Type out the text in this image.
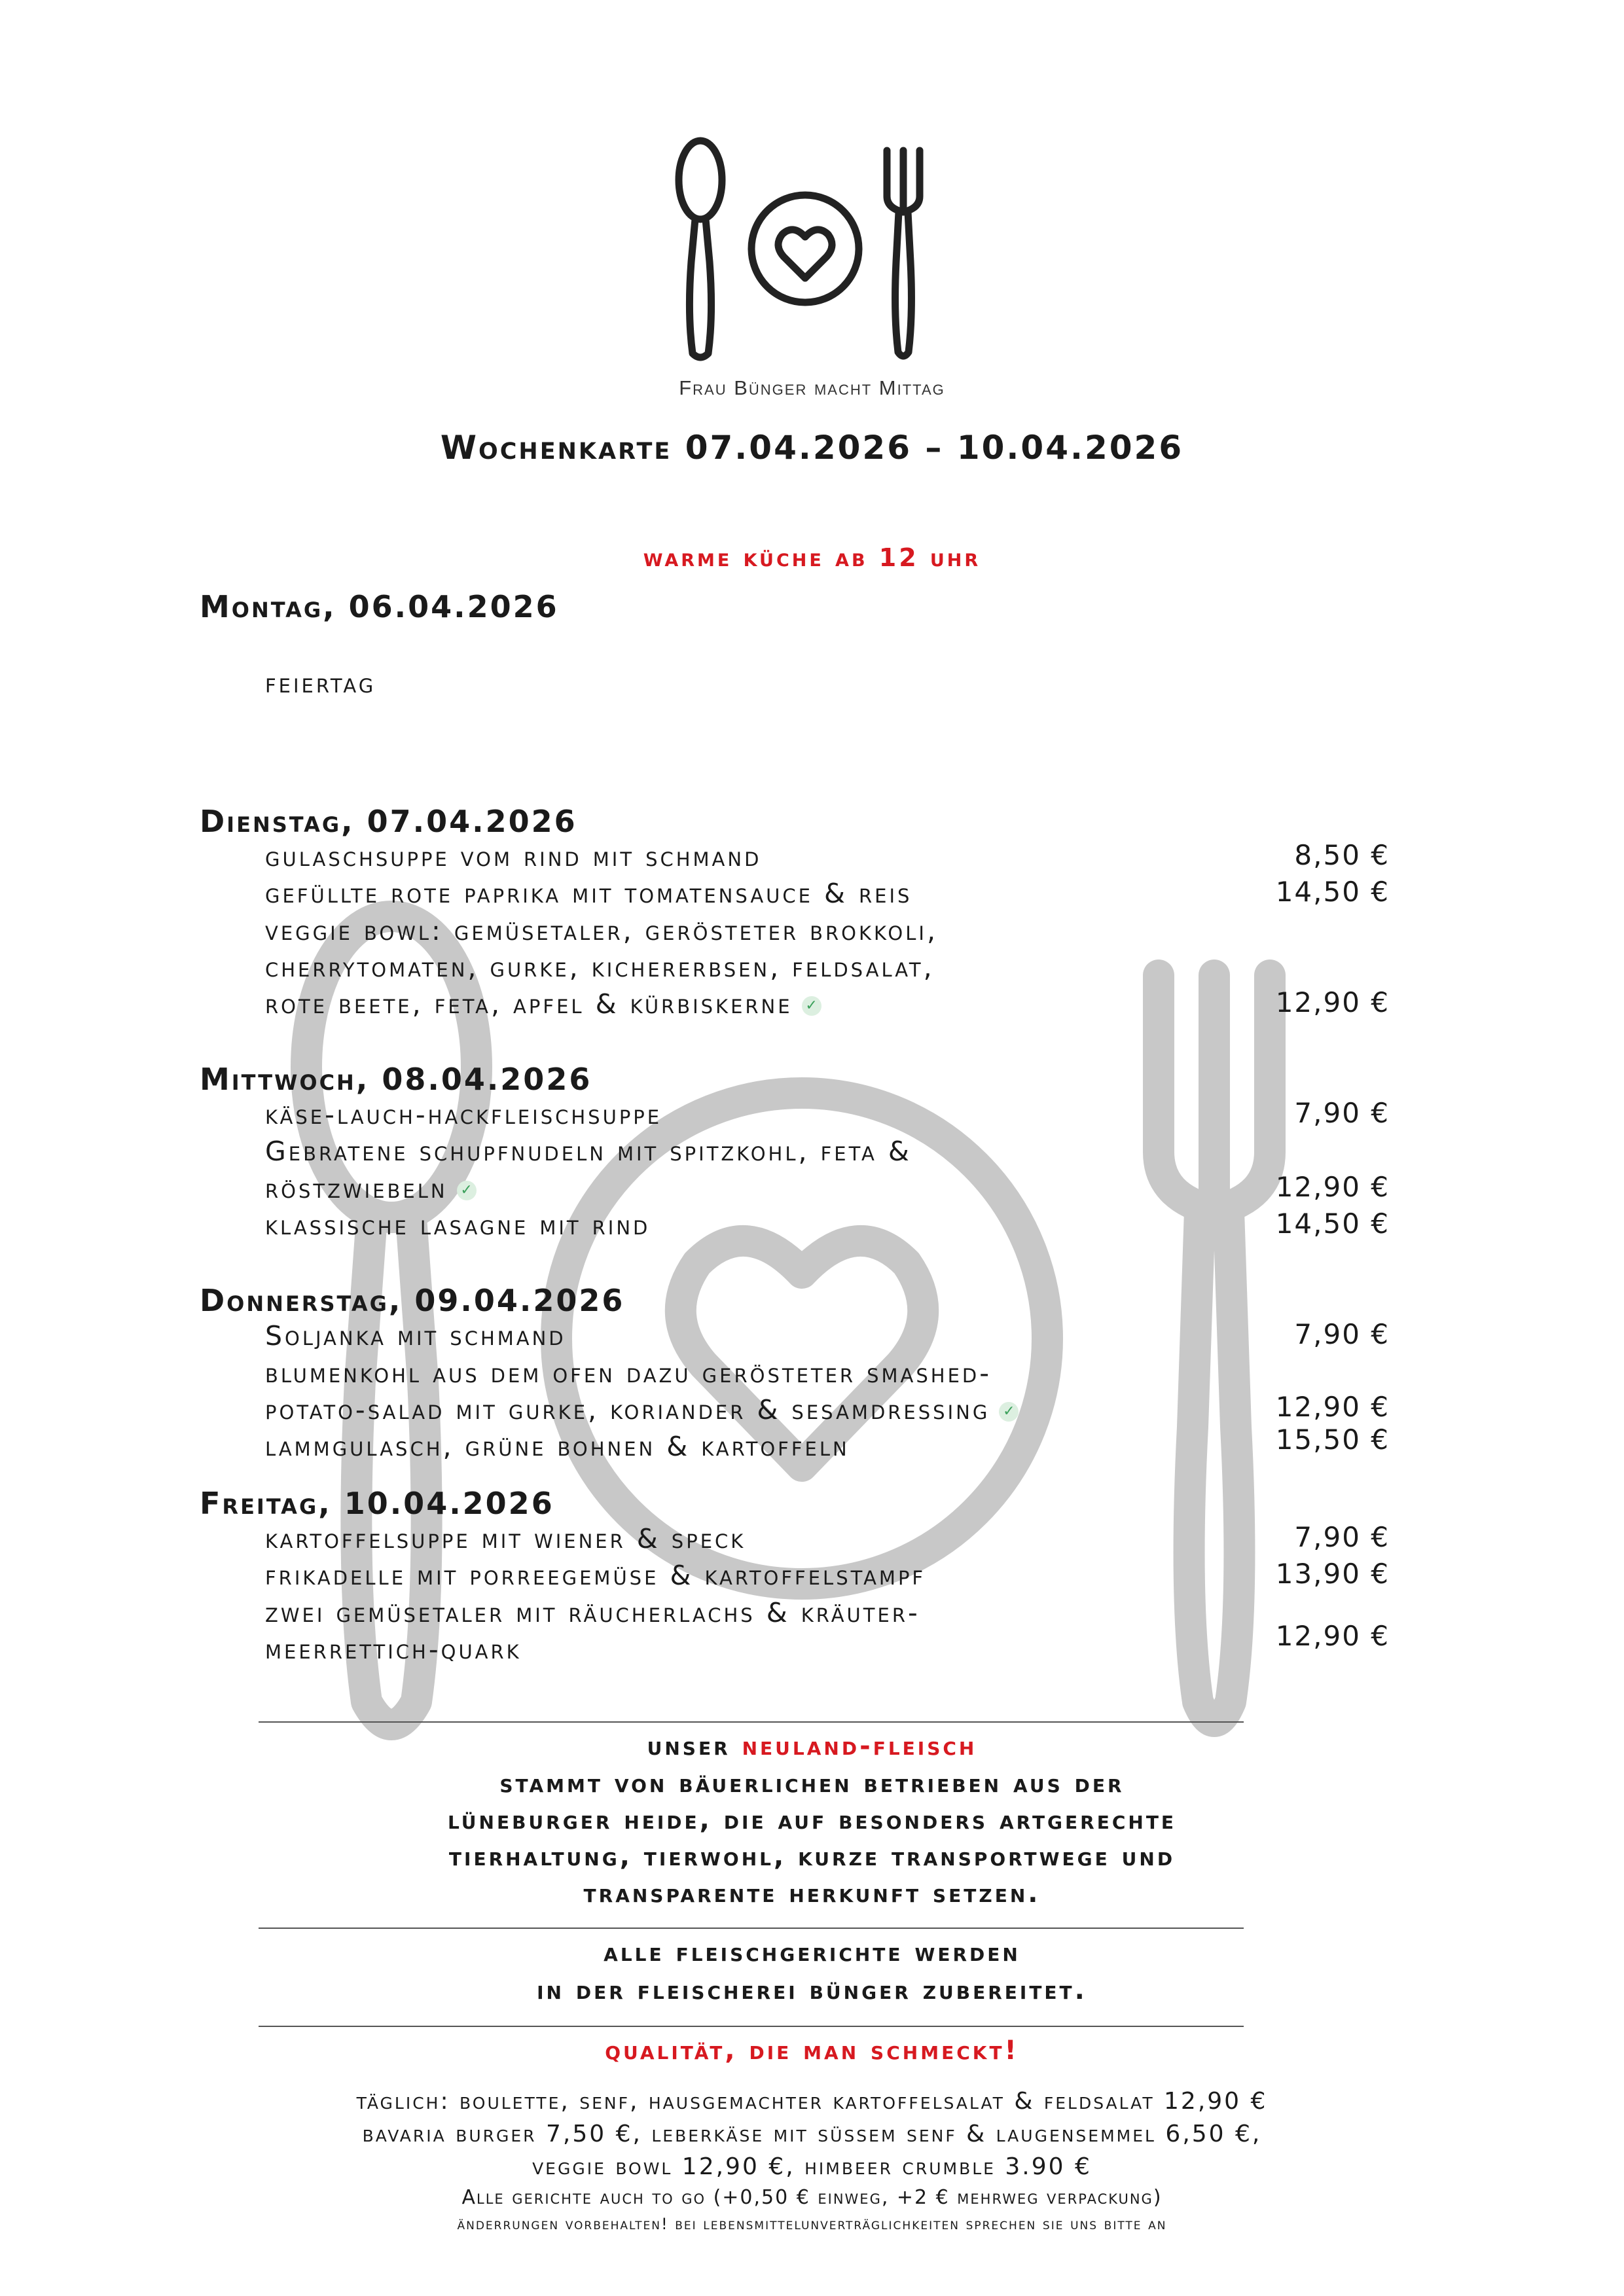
Frau Bünger macht Mittag
Wochenkarte 07.04.2026 – 10.04.2026
warme küche ab 12 uhr
Montag, 06.04.2026
feiertag
Dienstag, 07.04.2026
gulaschsuppe vom rind mit schmand	8,50 €
gefüllte rote paprika mit tomatensauce & reis	14,50 €
veggie bowl: gemüsetaler, gerösteter brokkoli,
cherrytomaten, gurke, kichererbsen, feldsalat,
rote beete, feta, apfel & kürbiskerne ✓	12,90 €
Mittwoch, 08.04.2026
käse-lauch-hackfleischsuppe	7,90 €
Gebratene schupfnudeln mit spitzkohl, feta &
röstzwiebeln ✓	12,90 €
klassische lasagne mit rind	14,50 €
Donnerstag, 09.04.2026
Soljanka mit schmand	7,90 €
blumenkohl aus dem ofen dazu gerösteter smashed-
potato-salad mit gurke, koriander & sesamdressing ✓	12,90 €
lammgulasch, grüne bohnen & kartoffeln	15,50 €
Freitag, 10.04.2026
kartoffelsuppe mit wiener & speck	7,90 €
frikadelle mit porreegemüse & kartoffelstampf	13,90 €
zwei gemüsetaler mit räucherlachs & kräuter-
meerrettich-quark	12,90 €
unser neuland-fleisch
stammt von bäuerlichen betrieben aus der
lüneburger heide, die auf besonders artgerechte
tierhaltung, tierwohl, kurze transportwege und
transparente herkunft setzen.
alle fleischgerichte werden
in der fleischerei bünger zubereitet.
qualität, die man schmeckt!
täglich: boulette, senf, hausgemachter kartoffelsalat & feldsalat 12,90 €
bavaria burger 7,50 €, leberkäse mit süssem senf & laugensemmel 6,50 €,
veggie bowl 12,90 €, himbeer crumble 3.90 €
Alle gerichte auch to go (+0,50 € einweg, +2 € mehrweg verpackung)
änderrungen vorbehalten! bei lebensmittelunverträglichkeiten sprechen sie uns bitte an
